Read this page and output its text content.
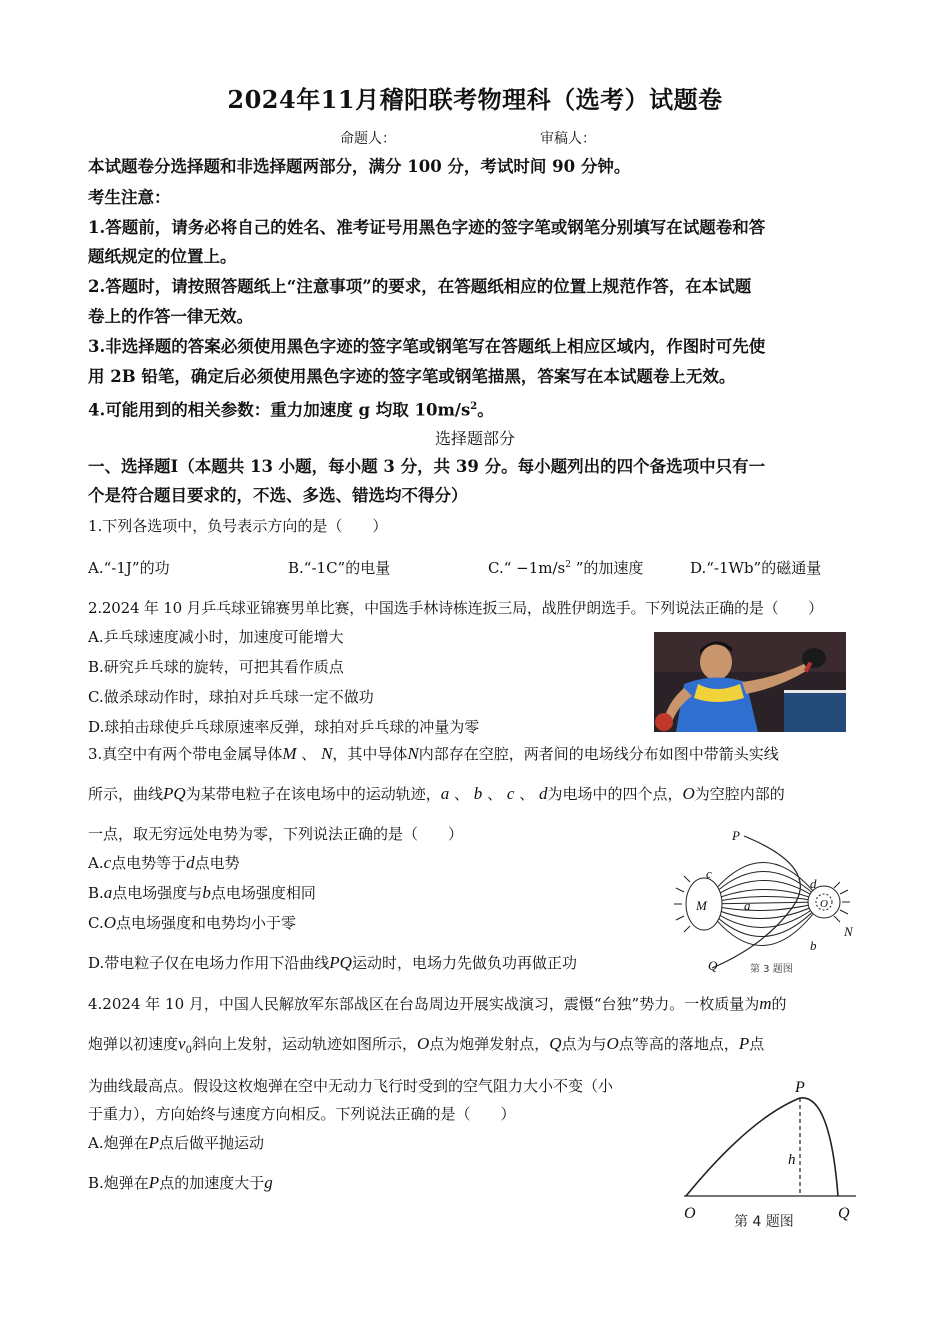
2024年11月稽阳联考物理科（选考）试题卷
命题人：	审稿人：
本试题卷分选择题和非选择题两部分，满分 100 分，考试时间 90 分钟。
考生注意：
1.答题前，请务必将自己的姓名、准考证号用黑色字迹的签字笔或钢笔分别填写在试题卷和答
题纸规定的位置上。
2.答题时，请按照答题纸上“注意事项”的要求，在答题纸相应的位置上规范作答，在本试题
卷上的作答一律无效。
3.非选择题的答案必须使用黑色字迹的签字笔或钢笔写在答题纸上相应区域内，作图时可先使
用 2B 铅笔，确定后必须使用黑色字迹的签字笔或钢笔描黑，答案写在本试题卷上无效。
4.可能用到的相关参数：重力加速度 g 均取 $10m/s^2$。
选择题部分
一、选择题Ⅰ（本题共 13 小题，每小题 3 分，共 39 分。每小题列出的四个备选项中只有一
个是符合题目要求的，不选、多选、错选均不得分）
1.下列各选项中，负号表示方向的是（　　）
A.“-1J”的功	B.“-1C”的电量	C.“ $-1m/s^2$ ”的加速度	D.“-1Wb”的磁通量
2.2024 年 10 月乒乓球亚锦赛男单比赛，中国选手林诗栋连扳三局，战胜伊朗选手。下列说法正确的是（　　）
A.乒乓球速度减小时，加速度可能增大
B.研究乒乓球的旋转，可把其看作质点
C.做杀球动作时，球拍对乒乓球一定不做功
D.球拍击球使乒乓球原速率反弹，球拍对乒乓球的冲量为零
3.真空中有两个带电金属导体M 、 N，其中导体N内部存在空腔，两者间的电场线分布如图中带箭头实线
所示，曲线PQ为某带电粒子在该电场中的运动轨迹，a 、 b 、 c 、 d为电场中的四个点，O为空腔内部的
一点，取无穷远处电势为零，下列说法正确的是（　　）
A.c点电势等于d点电势
B.a点电场强度与b点电场强度相同
C.O点电场强度和电势均小于零
D.带电粒子仅在电场力作用下沿曲线PQ运动时，电场力先做负功再做正功
M	O
N
a
b
c
d
P
Q	第 3 题图
4.2024 年 10 月，中国人民解放军东部战区在台岛周边开展实战演习，震慑“台独”势力。一枚质量为m的
炮弹以初速度$v_0$斜向上发射，运动轨迹如图所示，O点为炮弹发射点，Q点为与O点等高的落地点，P点
为曲线最高点。假设这枚炮弹在空中无动力飞行时受到的空气阻力大小不变（小
于重力），方向始终与速度方向相反。下列说法正确的是（　　）
A.炮弹在P点后做平抛运动
B.炮弹在P点的加速度大于g
P
h
O	Q
第 4 题图
